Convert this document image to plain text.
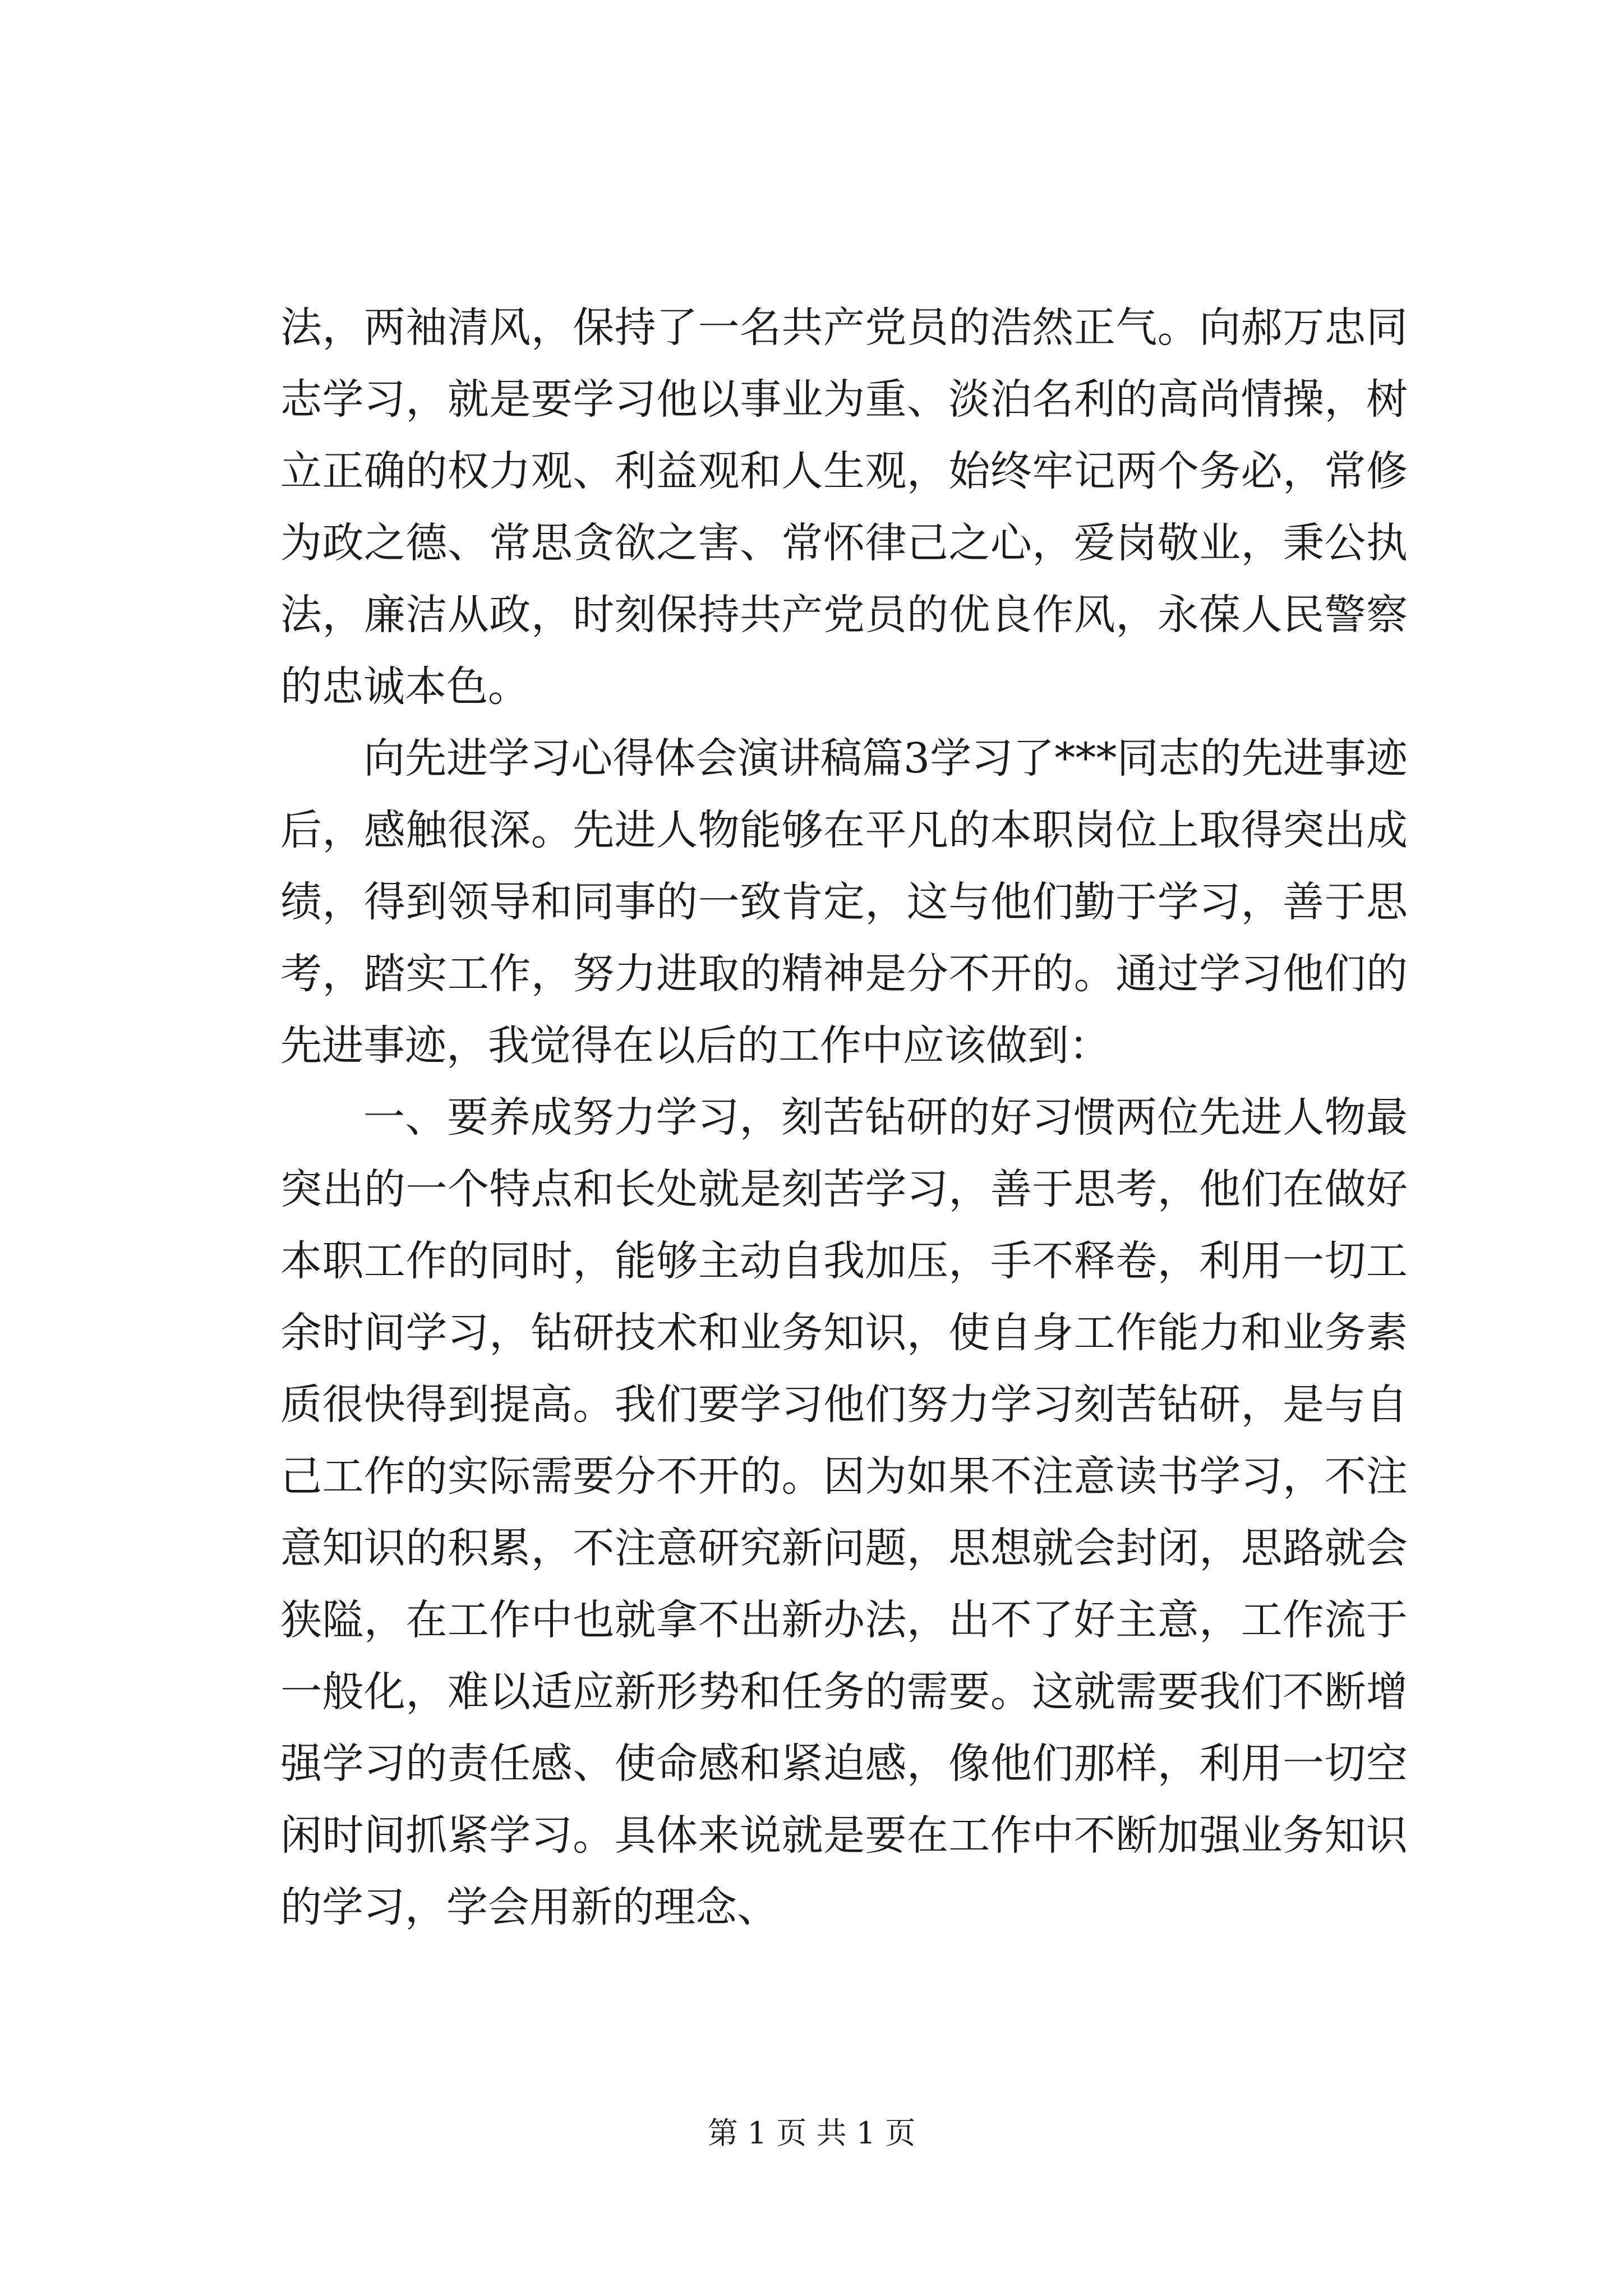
法，两袖清风，保持了一名共产党员的浩然正气。向郝万忠同志学习，就是要学习他以事业为重、淡泊名利的高尚情操，树立正确的权力观、利益观和人生观，始终牢记两个务必，常修为政之德、常思贪欲之害、常怀律己之心，爱岗敬业，秉公执法，廉洁从政，时刻保持共产党员的优良作风，永葆人民警察的忠诚本色。

向先进学习心得体会演讲稿篇3学习了***同志的先进事迹后，感触很深。先进人物能够在平凡的本职岗位上取得突出成绩，得到领导和同事的一致肯定，这与他们勤于学习，善于思考，踏实工作，努力进取的精神是分不开的。通过学习他们的先进事迹，我觉得在以后的工作中应该做到：

一、要养成努力学习，刻苦钻研的好习惯两位先进人物最突出的一个特点和长处就是刻苦学习，善于思考，他们在做好本职工作的同时，能够主动自我加压，手不释卷，利用一切工余时间学习，钻研技术和业务知识，使自身工作能力和业务素质很快得到提高。我们要学习他们努力学习刻苦钻研，是与自己工作的实际需要分不开的。因为如果不注意读书学习，不注意知识的积累，不注意研究新问题，思想就会封闭，思路就会狭隘，在工作中也就拿不出新办法，出不了好主意，工作流于一般化，难以适应新形势和任务的需要。这就需要我们不断增强学习的责任感、使命感和紧迫感，像他们那样，利用一切空闲时间抓紧学习。具体来说就是要在工作中不断加强业务知识的学习，学会用新的理念、

第 1 页 共 1 页
